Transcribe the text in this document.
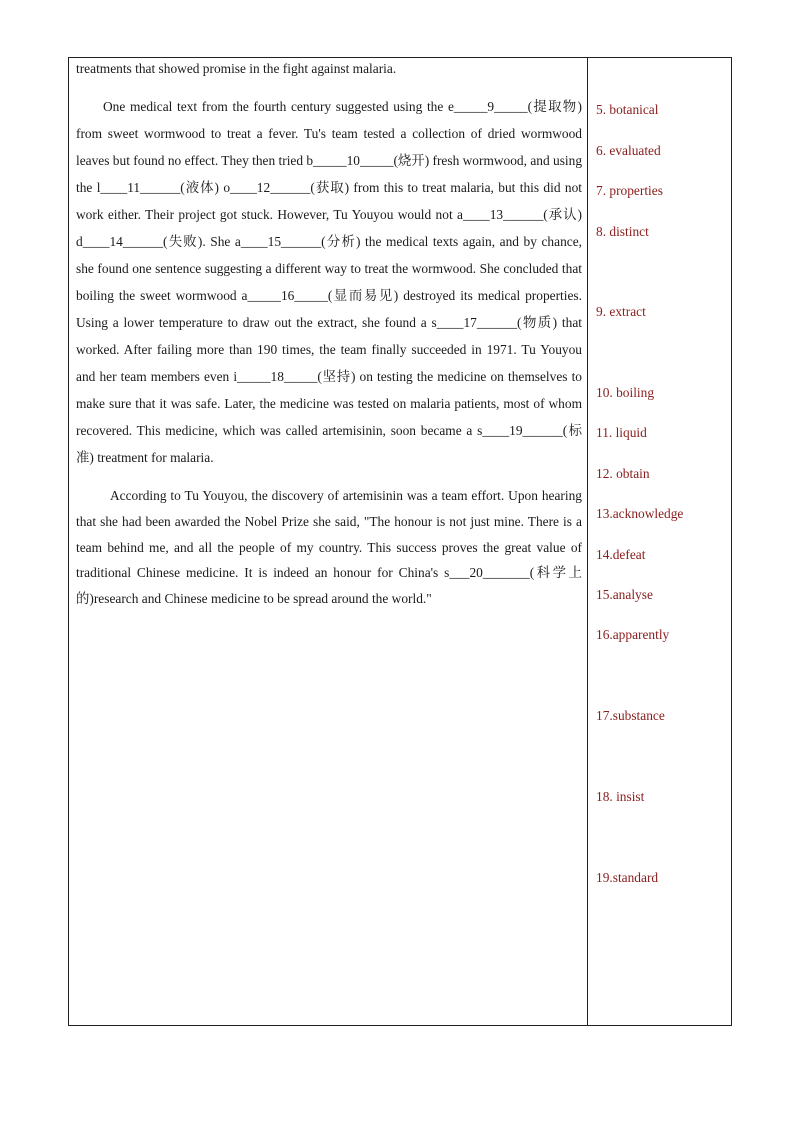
treatments that showed promise in the fight against malaria.

One medical text from the fourth century suggested using the e_____9_____(提取物) from sweet wormwood to treat a fever. Tu's team tested a collection of dried wormwood leaves but found no effect. They then tried b_____10_____(烧开) fresh wormwood, and using the l____11______(液体) o____12______(获取) from this to treat malaria, but this did not work either. Their project got stuck. However, Tu Youyou would not a____13______(承认) d____14______(失败). She a____15______(分析) the medical texts again, and by chance, she found one sentence suggesting a different way to treat the wormwood. She concluded that boiling the sweet wormwood a_____16_____(显而易见) destroyed its medical properties. Using a lower temperature to draw out the extract, she found a s____17______(物质) that worked. After failing more than 190 times, the team finally succeeded in 1971. Tu Youyou and her team members even i_____18_____(坚持) on testing the medicine on themselves to make sure that it was safe. Later, the medicine was tested on malaria patients, most of whom recovered. This medicine, which was called artemisinin, soon became a s____19______(标准) treatment for malaria.

According to Tu Youyou, the discovery of artemisinin was a team effort. Upon hearing that she had been awarded the Nobel Prize she said, "The honour is not just mine. There is a team behind me, and all the people of my country. This success proves the great value of traditional Chinese medicine. It is indeed an honour for China's s___20_______(科学上的)research and Chinese medicine to be spread around the world."

5. botanical
6. evaluated
7. properties
8. distinct
9. extract
10. boiling
11. liquid
12. obtain
13.acknowledge
14.defeat
15.analyse
16.apparently
17.substance
18. insist
19.standard
